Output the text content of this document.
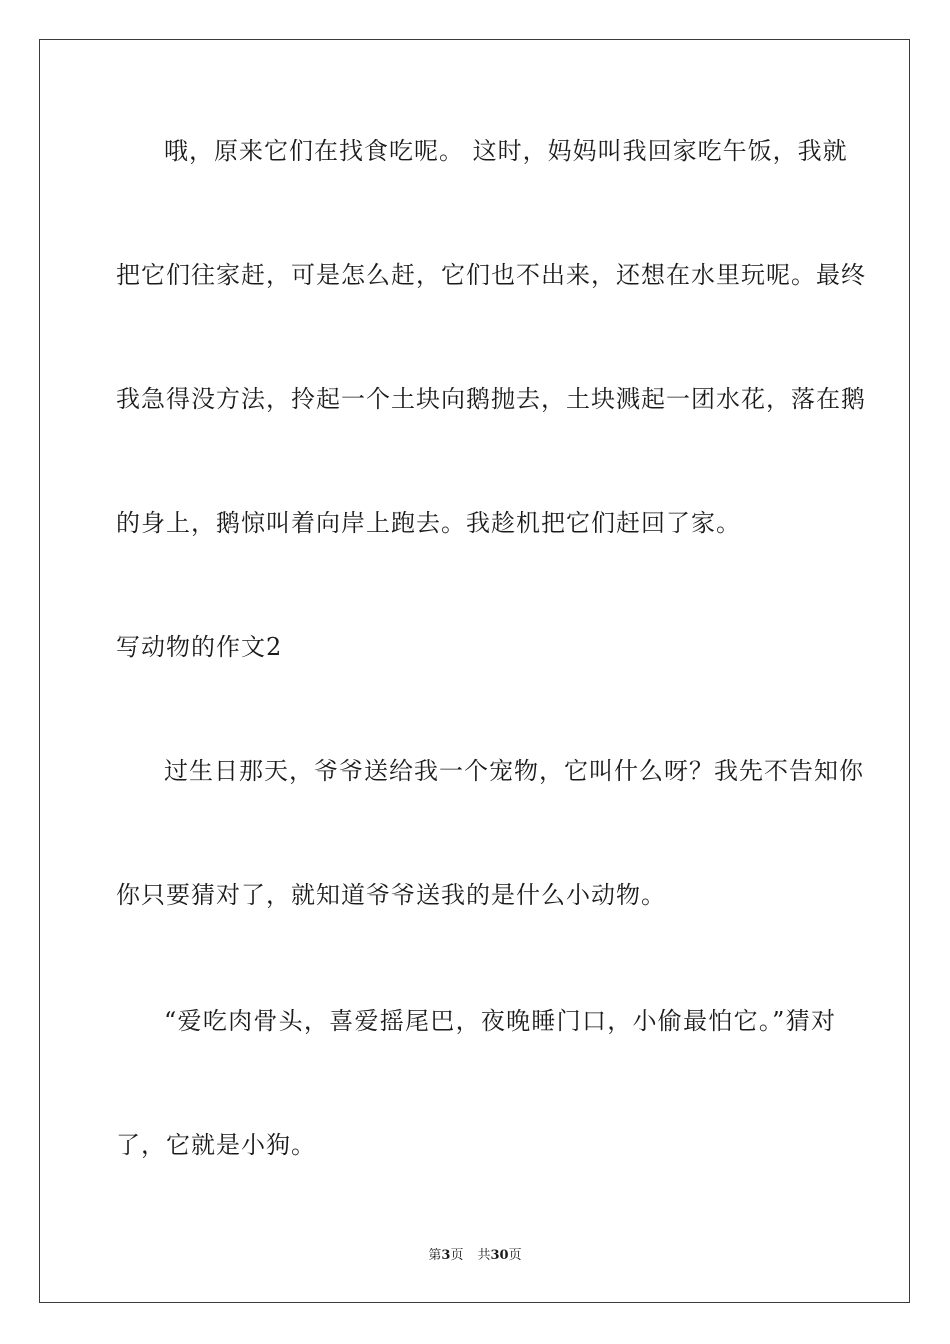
哦，原来它们在找食吃呢。 这时，妈妈叫我回家吃午饭，我就
把它们往家赶，可是怎么赶，它们也不出来，还想在水里玩呢。最终
我急得没方法，拎起一个土块向鹅抛去，土块溅起一团水花，落在鹅
的身上，鹅惊叫着向岸上跑去。我趁机把它们赶回了家。
写动物的作文2
过生日那天，爷爷送给我一个宠物，它叫什么呀？我先不告知你
你只要猜对了，就知道爷爷送我的是什么小动物。
“爱吃肉骨头，喜爱摇尾巴，夜晚睡门口，小偷最怕它。”猜对
了，它就是小狗。
第3页 共30页
